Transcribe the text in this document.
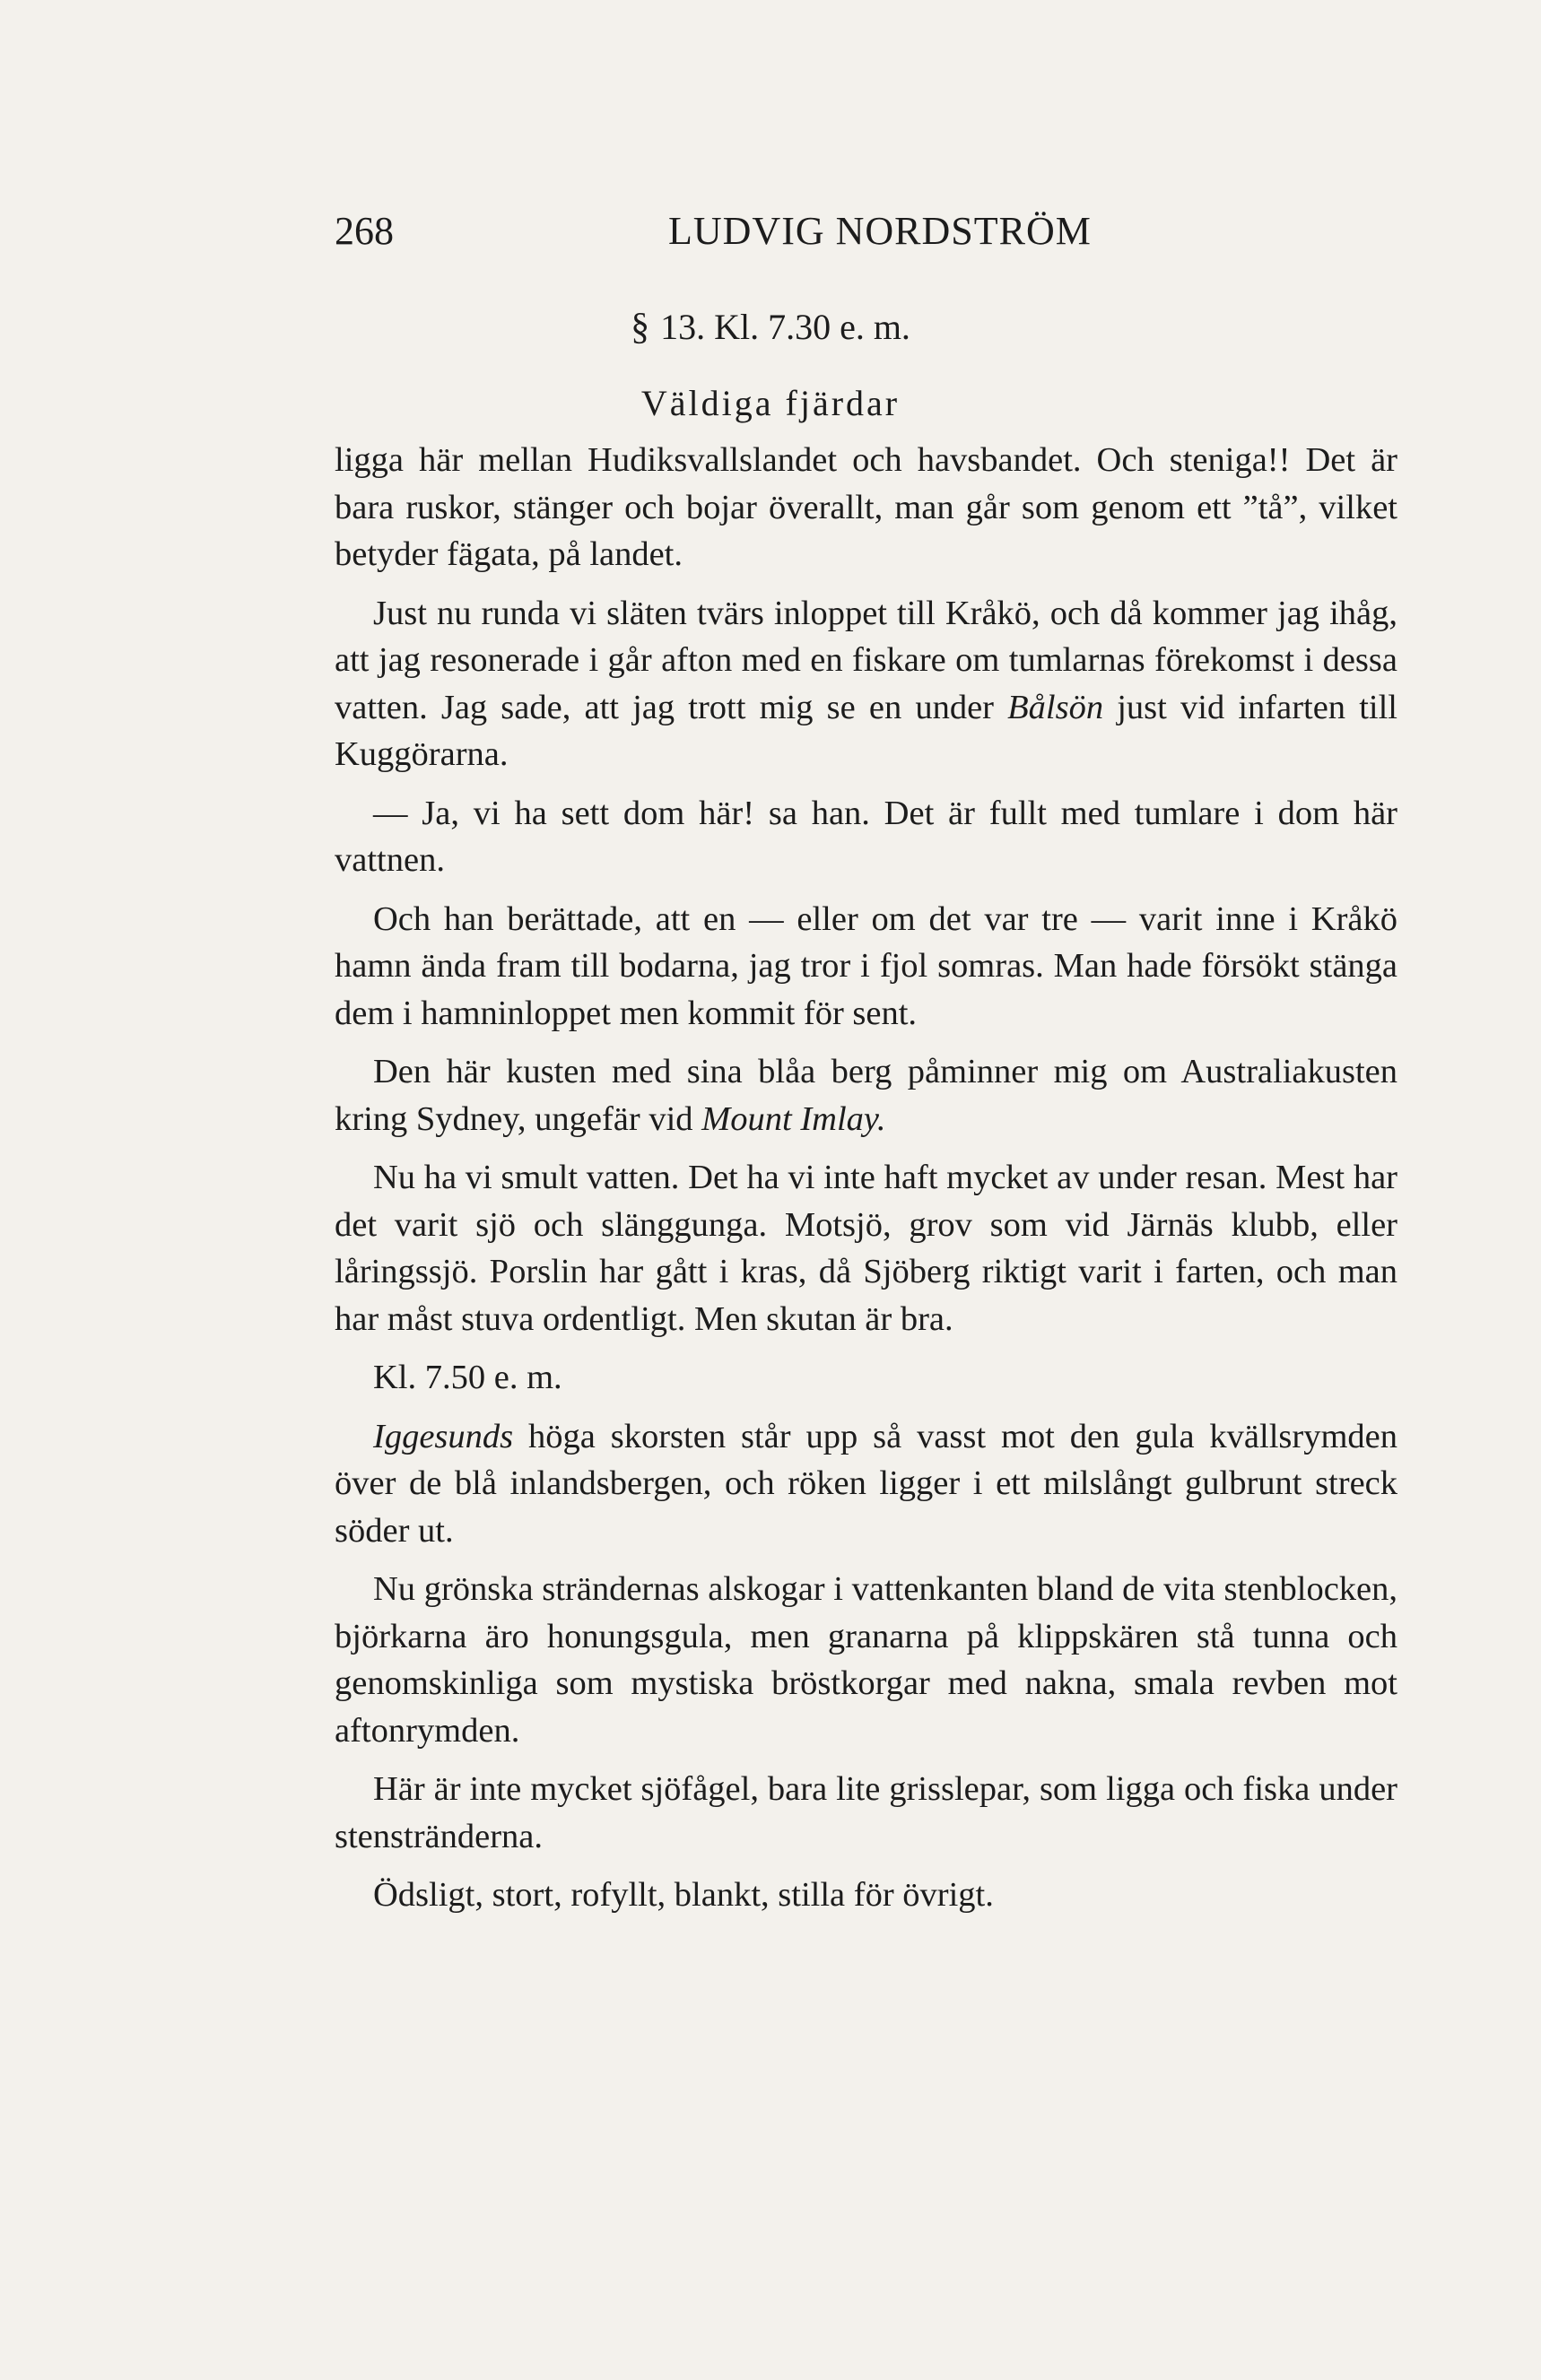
268	LUDVIG NORDSTRÖM
§ 13. Kl. 7.30 e. m.
Väldiga fjärdar

ligga här mellan Hudiksvallslandet och havsbandet. Och steniga!! Det är bara ruskor, stänger och bojar överallt, man går som genom ett ”tå”, vilket betyder fägata, på landet.

Just nu runda vi släten tvärs inloppet till Kråkö, och då kommer jag ihåg, att jag resonerade i går afton med en fiskare om tumlarnas förekomst i dessa vatten. Jag sade, att jag trott mig se en under Bålsön just vid infarten till Kuggörarna.

— Ja, vi ha sett dom här! sa han. Det är fullt med tumlare i dom här vattnen.

Och han berättade, att en — eller om det var tre — varit inne i Kråkö hamn ända fram till bodarna, jag tror i fjol somras. Man hade försökt stänga dem i hamninloppet men kommit för sent.

Den här kusten med sina blåa berg påminner mig om Australiakusten kring Sydney, ungefär vid Mount Imlay.

Nu ha vi smult vatten. Det ha vi inte haft mycket av under resan. Mest har det varit sjö och slänggunga. Motsjö, grov som vid Järnäs klubb, eller låringssjö. Porslin har gått i kras, då Sjöberg riktigt varit i farten, och man har måst stuva ordentligt. Men skutan är bra.

Kl. 7.50 e. m.

Iggesunds höga skorsten står upp så vasst mot den gula kvällsrymden över de blå inlandsbergen, och röken ligger i ett milslångt gulbrunt streck söder ut.

Nu grönska strändernas alskogar i vattenkanten bland de vita stenblocken, björkarna äro honungsgula, men granarna på klippskären stå tunna och genomskinliga som mystiska bröstkorgar med nakna, smala revben mot aftonrymden.

Här är inte mycket sjöfågel, bara lite grisslepar, som ligga och fiska under stenstränderna.

Ödsligt, stort, rofyllt, blankt, stilla för övrigt.
